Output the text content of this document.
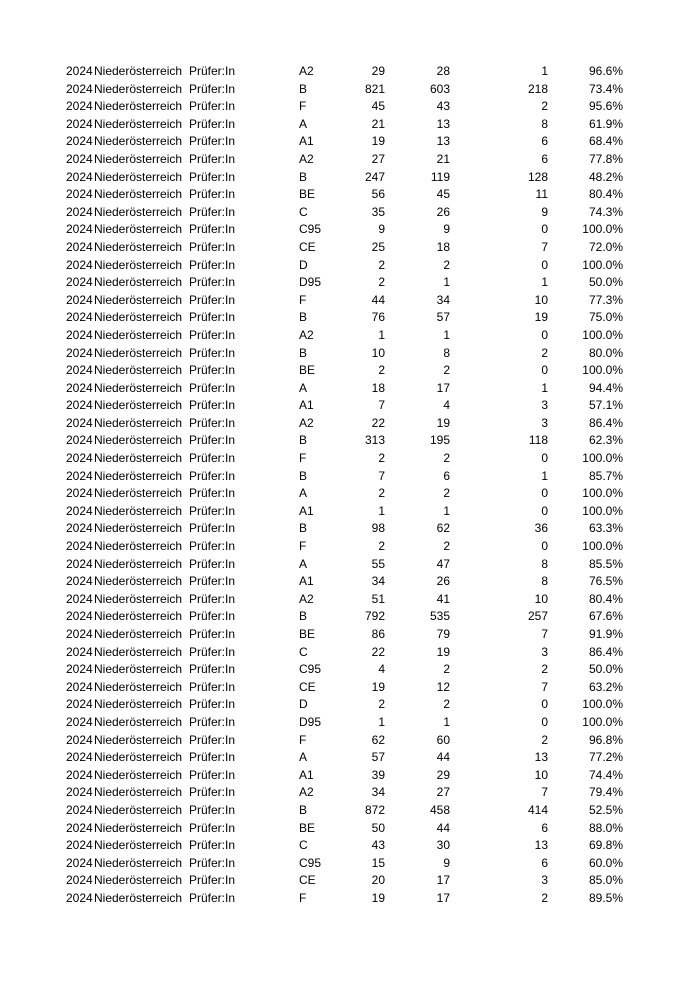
2024 Niederösterreich Prüfer:In	A2	29	28	1	96.6%
2024 Niederösterreich Prüfer:In	B	821	603	218	73.4%
2024 Niederösterreich Prüfer:In	F	45	43	2	95.6%
2024 Niederösterreich Prüfer:In	A	21	13	8	61.9%
2024 Niederösterreich Prüfer:In	A1	19	13	6	68.4%
2024 Niederösterreich Prüfer:In	A2	27	21	6	77.8%
2024 Niederösterreich Prüfer:In	B	247	119	128	48.2%
2024 Niederösterreich Prüfer:In	BE	56	45	11	80.4%
2024 Niederösterreich Prüfer:In	C	35	26	9	74.3%
2024 Niederösterreich Prüfer:In	C95	9	9	0	100.0%
2024 Niederösterreich Prüfer:In	CE	25	18	7	72.0%
2024 Niederösterreich Prüfer:In	D	2	2	0	100.0%
2024 Niederösterreich Prüfer:In	D95	2	1	1	50.0%
2024 Niederösterreich Prüfer:In	F	44	34	10	77.3%
2024 Niederösterreich Prüfer:In	B	76	57	19	75.0%
2024 Niederösterreich Prüfer:In	A2	1	1	0	100.0%
2024 Niederösterreich Prüfer:In	B	10	8	2	80.0%
2024 Niederösterreich Prüfer:In	BE	2	2	0	100.0%
2024 Niederösterreich Prüfer:In	A	18	17	1	94.4%
2024 Niederösterreich Prüfer:In	A1	7	4	3	57.1%
2024 Niederösterreich Prüfer:In	A2	22	19	3	86.4%
2024 Niederösterreich Prüfer:In	B	313	195	118	62.3%
2024 Niederösterreich Prüfer:In	F	2	2	0	100.0%
2024 Niederösterreich Prüfer:In	B	7	6	1	85.7%
2024 Niederösterreich Prüfer:In	A	2	2	0	100.0%
2024 Niederösterreich Prüfer:In	A1	1	1	0	100.0%
2024 Niederösterreich Prüfer:In	B	98	62	36	63.3%
2024 Niederösterreich Prüfer:In	F	2	2	0	100.0%
2024 Niederösterreich Prüfer:In	A	55	47	8	85.5%
2024 Niederösterreich Prüfer:In	A1	34	26	8	76.5%
2024 Niederösterreich Prüfer:In	A2	51	41	10	80.4%
2024 Niederösterreich Prüfer:In	B	792	535	257	67.6%
2024 Niederösterreich Prüfer:In	BE	86	79	7	91.9%
2024 Niederösterreich Prüfer:In	C	22	19	3	86.4%
2024 Niederösterreich Prüfer:In	C95	4	2	2	50.0%
2024 Niederösterreich Prüfer:In	CE	19	12	7	63.2%
2024 Niederösterreich Prüfer:In	D	2	2	0	100.0%
2024 Niederösterreich Prüfer:In	D95	1	1	0	100.0%
2024 Niederösterreich Prüfer:In	F	62	60	2	96.8%
2024 Niederösterreich Prüfer:In	A	57	44	13	77.2%
2024 Niederösterreich Prüfer:In	A1	39	29	10	74.4%
2024 Niederösterreich Prüfer:In	A2	34	27	7	79.4%
2024 Niederösterreich Prüfer:In	B	872	458	414	52.5%
2024 Niederösterreich Prüfer:In	BE	50	44	6	88.0%
2024 Niederösterreich Prüfer:In	C	43	30	13	69.8%
2024 Niederösterreich Prüfer:In	C95	15	9	6	60.0%
2024 Niederösterreich Prüfer:In	CE	20	17	3	85.0%
2024 Niederösterreich Prüfer:In	F	19	17	2	89.5%
